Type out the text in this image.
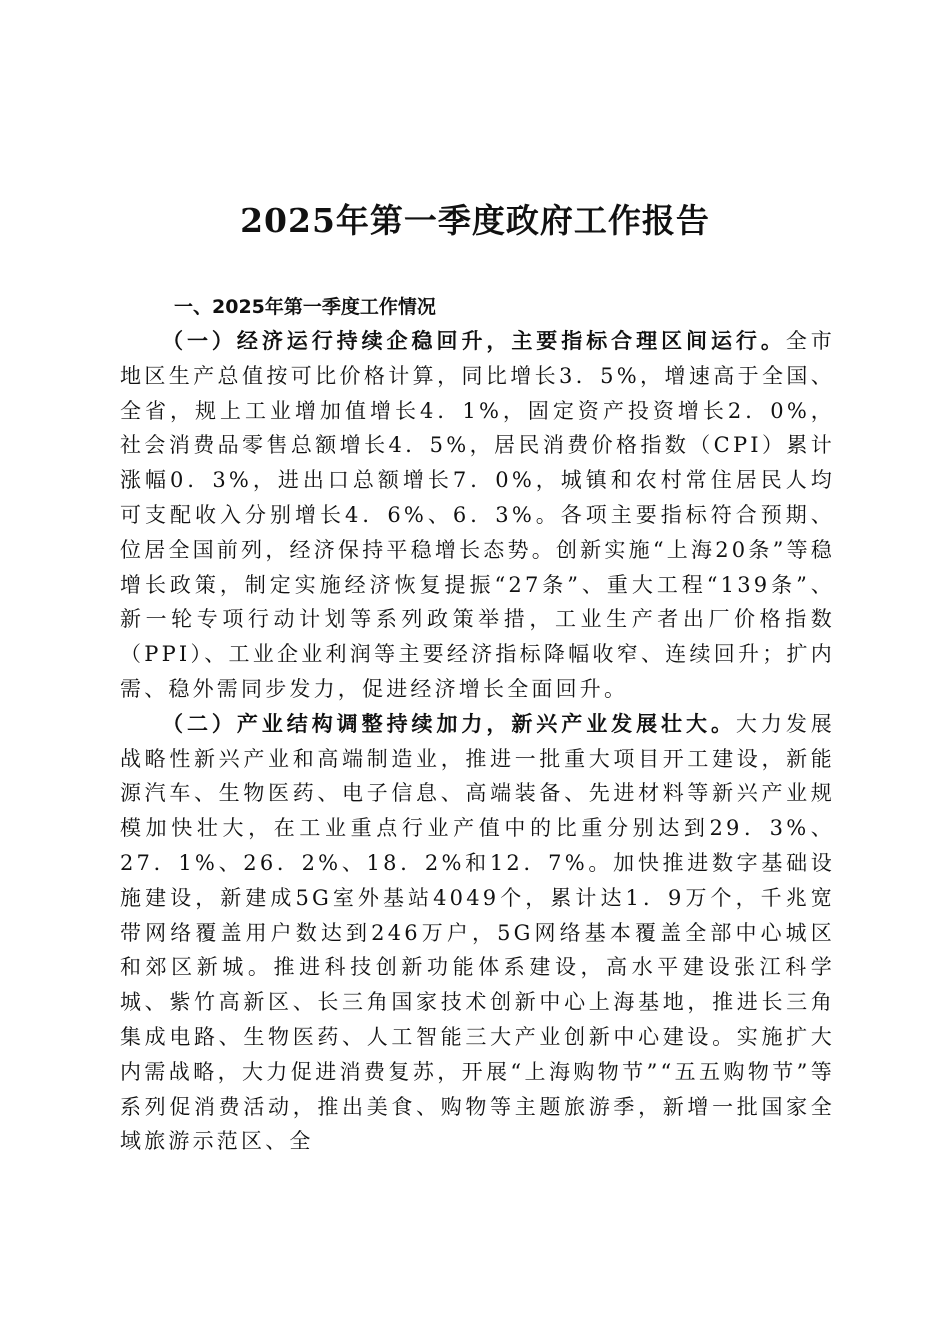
2025年第一季度政府工作报告
一、2025年第一季度工作情况

（一）经济运行持续企稳回升，主要指标合理区间运行。全市地区生产总值按可比价格计算，同比增长3．5%，增速高于全国、全省，规上工业增加值增长4．1%，固定资产投资增长2．0%，社会消费品零售总额增长4．5%，居民消费价格指数（CPI）累计涨幅0．3%，进出口总额增长7．0%，城镇和农村常住居民人均可支配收入分别增长4．6%、6．3%。各项主要指标符合预期、位居全国前列，经济保持平稳增长态势。创新实施“上海20条”等稳增长政策，制定实施经济恢复提振“27条”、重大工程“139条”、新一轮专项行动计划等系列政策举措，工业生产者出厂价格指数（PPI）、工业企业利润等主要经济指标降幅收窄、连续回升；扩内需、稳外需同步发力，促进经济增长全面回升。

（二）产业结构调整持续加力，新兴产业发展壮大。大力发展战略性新兴产业和高端制造业，推进一批重大项目开工建设，新能源汽车、生物医药、电子信息、高端装备、先进材料等新兴产业规模加快壮大，在工业重点行业产值中的比重分别达到29．3%、27．1%、26．2%、18．2%和12．7%。加快推进数字基础设施建设，新建成5G室外基站4049个，累计达1．9万个，千兆宽带网络覆盖用户数达到246万户，5G网络基本覆盖全部中心城区和郊区新城。推进科技创新功能体系建设，高水平建设张江科学城、紫竹高新区、长三角国家技术创新中心上海基地，推进长三角集成电路、生物医药、人工智能三大产业创新中心建设。实施扩大内需战略，大力促进消费复苏，开展“上海购物节”“五五购物节”等系列促消费活动，推出美食、购物等主题旅游季，新增一批国家全域旅游示范区、全
